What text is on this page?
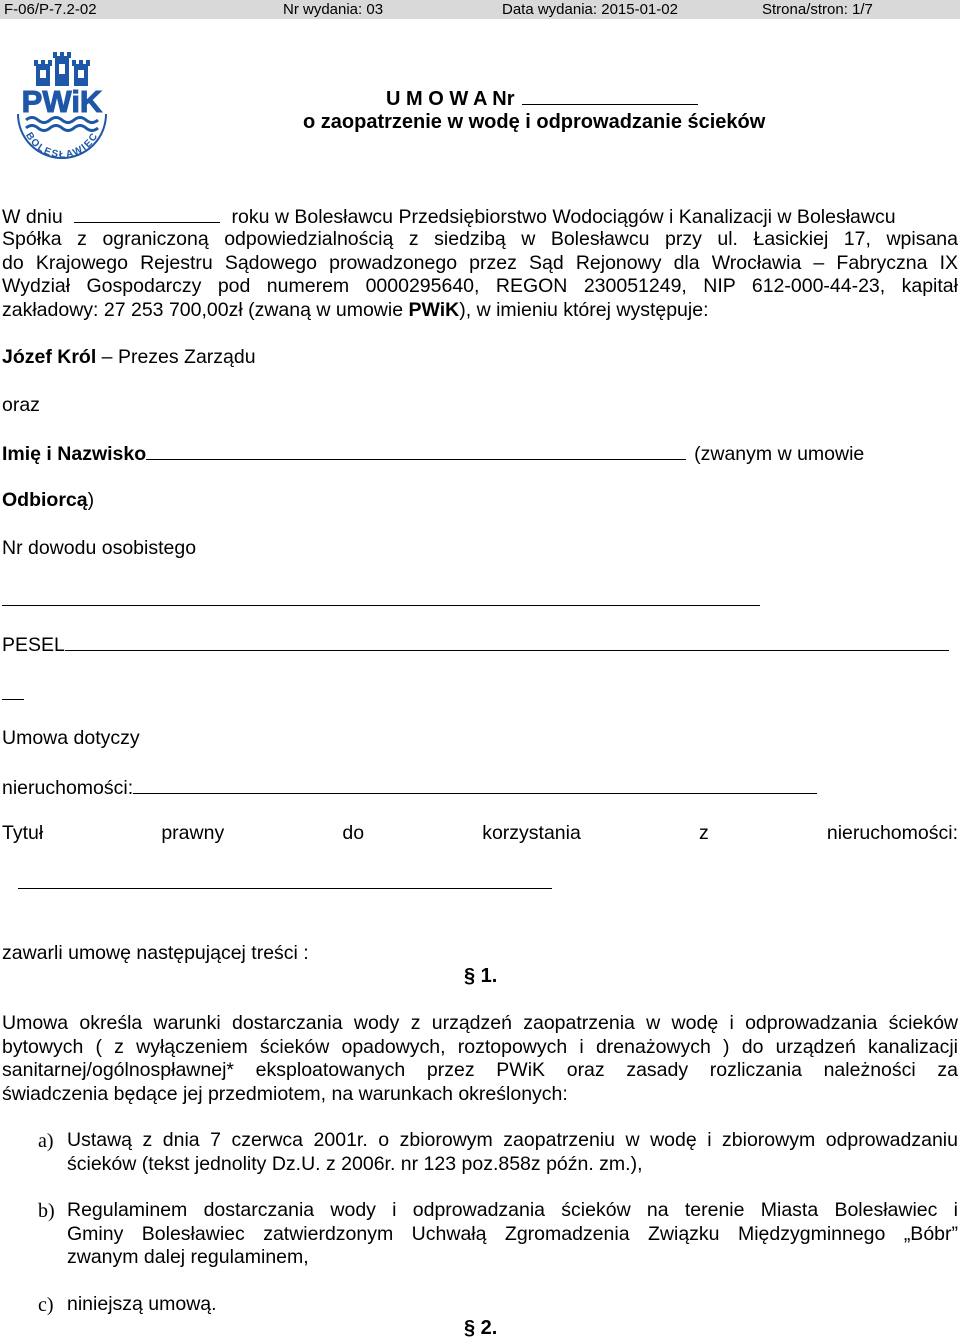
F-06/P-7.2-02	Nr wydania: 03	Data wydania: 2015-01-02	Strona/stron: 1/7
PWiK
BOLESŁAWIEC
U M O W A Nr
o zaopatrzenie w wodę i odprowadzanie ścieków
W dniu	roku w Bolesławcu Przedsiębiorstwo Wodociągów i Kanalizacji w Bolesławcu
Spółka z ograniczoną odpowiedzialnością z siedzibą w Bolesławcu przy ul. Łasickiej 17, wpisana
do Krajowego Rejestru Sądowego prowadzonego przez Sąd Rejonowy dla Wrocławia – Fabryczna IX
Wydział Gospodarczy pod numerem 0000295640, REGON 230051249, NIP 612-000-44-23, kapitał
zakładowy: 27 253 700,00zł (zwaną w umowie PWiK), w imieniu której występuje:
Józef Król – Prezes Zarządu
oraz
Imię i Nazwisko	(zwanym w umowie
Odbiorcą)
Nr dowodu osobistego
PESEL
Umowa dotyczy
nieruchomości:
Tytuł	prawny	do	korzystania	z	nieruchomości:
zawarli umowę następującej treści :
§ 1.
Umowa określa warunki dostarczania wody z urządzeń zaopatrzenia w wodę i odprowadzania ścieków
bytowych ( z wyłączeniem ścieków opadowych, roztopowych i drenażowych ) do urządzeń kanalizacji
sanitarnej/ogólnospławnej* eksploatowanych przez PWiK oraz zasady rozliczania należności za
świadczenia będące jej przedmiotem, na warunkach określonych:
a) Ustawą z dnia 7 czerwca 2001r. o zbiorowym zaopatrzeniu w wodę i zbiorowym odprowadzaniu
ścieków (tekst jednolity Dz.U. z 2006r. nr 123 poz.858z późn. zm.),
b) Regulaminem dostarczania wody i odprowadzania ścieków na terenie Miasta Bolesławiec i
Gminy Bolesławiec zatwierdzonym Uchwałą Zgromadzenia Związku Międzygminnego „Bóbr”
zwanym dalej regulaminem,
c) niniejszą umową.
§ 2.
